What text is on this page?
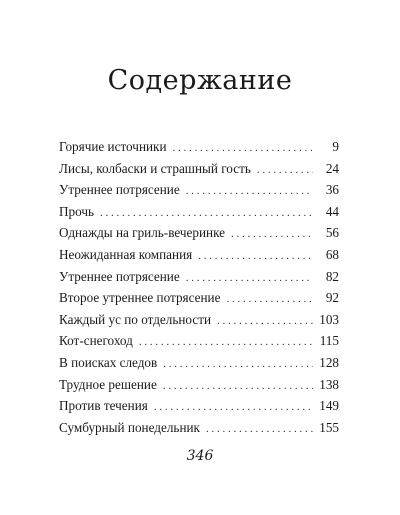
Содержание
Горячие источники . . .	9
Лисы, колбаски и страшный гость . . .	24
Утреннее потрясение . . .	36
Прочь . . .	44
Однажды на гриль-вечеринке . . .	56
Неожиданная компания . . .	68
Утреннее потрясение . . .	82
Второе утреннее потрясение . . .	92
Каждый ус по отдельности . . .	103
Кот-снегоход . . .	115
В поисках следов . . .	128
Трудное решение . . .	138
Против течения . . .	149
Сумбурный понедельник . . .	155
346
